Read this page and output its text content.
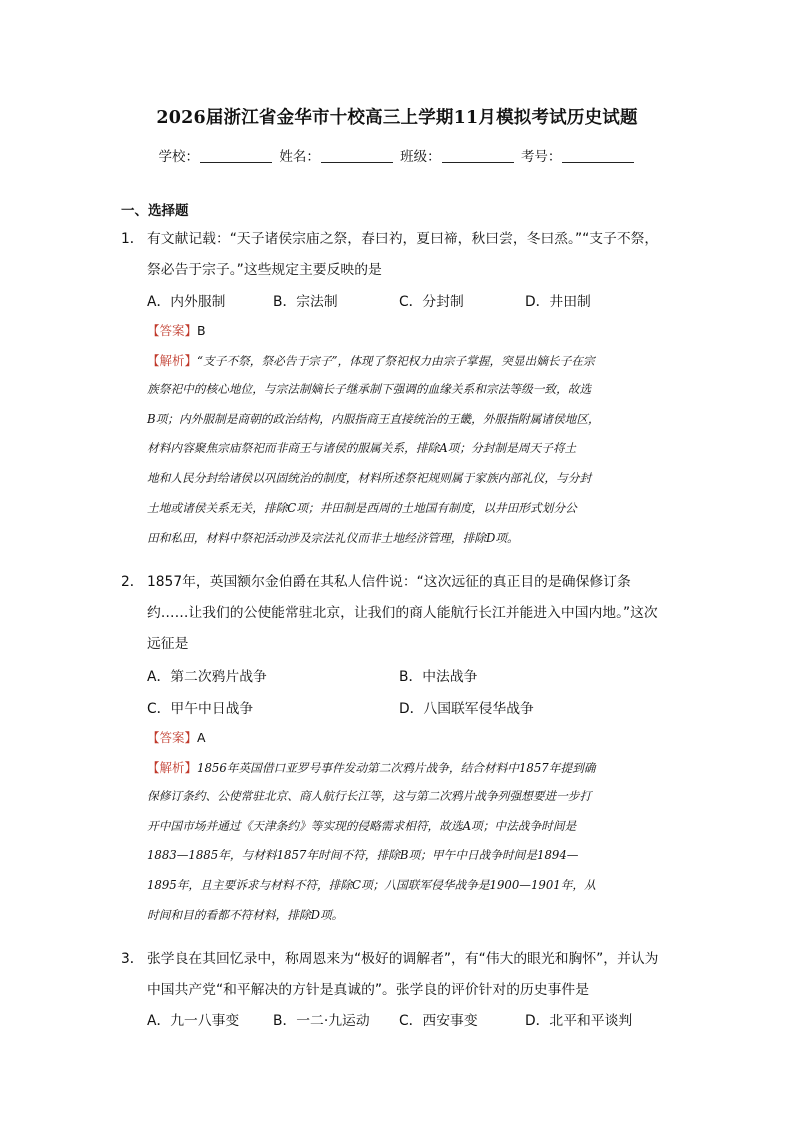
2026届浙江省金华市十校高三上学期11月模拟考试历史试题
学校：	姓名：	班级：	考号：
一、选择题
1． 有文献记载：“天子诸侯宗庙之祭，春曰礿，夏曰禘，秋曰尝，冬曰烝。”“支子不祭，
祭必告于宗子。”这些规定主要反映的是
A．内外服制	B．宗法制	C．分封制	D．井田制
【答案】B
【解析】“支子不祭，祭必告于宗子”，体现了祭祀权力由宗子掌握，突显出嫡长子在宗
族祭祀中的核心地位，与宗法制嫡长子继承制下强调的血缘关系和宗法等级一致，故选
B项；内外服制是商朝的政治结构，内服指商王直接统治的王畿，外服指附属诸侯地区，
材料内容聚焦宗庙祭祀而非商王与诸侯的服属关系，排除A项；分封制是周天子将土
地和人民分封给诸侯以巩固统治的制度，材料所述祭祀规则属于家族内部礼仪，与分封
土地或诸侯关系无关，排除C项；井田制是西周的土地国有制度，以井田形式划分公
田和私田，材料中祭祀活动涉及宗法礼仪而非土地经济管理，排除D项。
2． 1857年，英国额尔金伯爵在其私人信件说：“这次远征的真正目的是确保修订条
约……让我们的公使能常驻北京，让我们的商人能航行长江并能进入中国内地。”这次
远征是
A．第二次鸦片战争	B．中法战争
C．甲午中日战争	D．八国联军侵华战争
【答案】A
【解析】1856年英国借口亚罗号事件发动第二次鸦片战争，结合材料中1857年提到确
保修订条约、公使常驻北京、商人航行长江等，这与第二次鸦片战争列强想要进一步打
开中国市场并通过《天津条约》等实现的侵略需求相符，故选A项；中法战争时间是
1883—1885年，与材料1857年时间不符，排除B项；甲午中日战争时间是1894—
1895年，且主要诉求与材料不符，排除C项；八国联军侵华战争是1900—1901年，从
时间和目的看都不符材料，排除D项。
3． 张学良在其回忆录中，称周恩来为“极好的调解者”，有“伟大的眼光和胸怀”，并认为
中国共产党“和平解决的方针是真诚的”。张学良的评价针对的历史事件是
A．九一八事变 B．一二·九运动 C．西安事变	D．北平和平谈判
